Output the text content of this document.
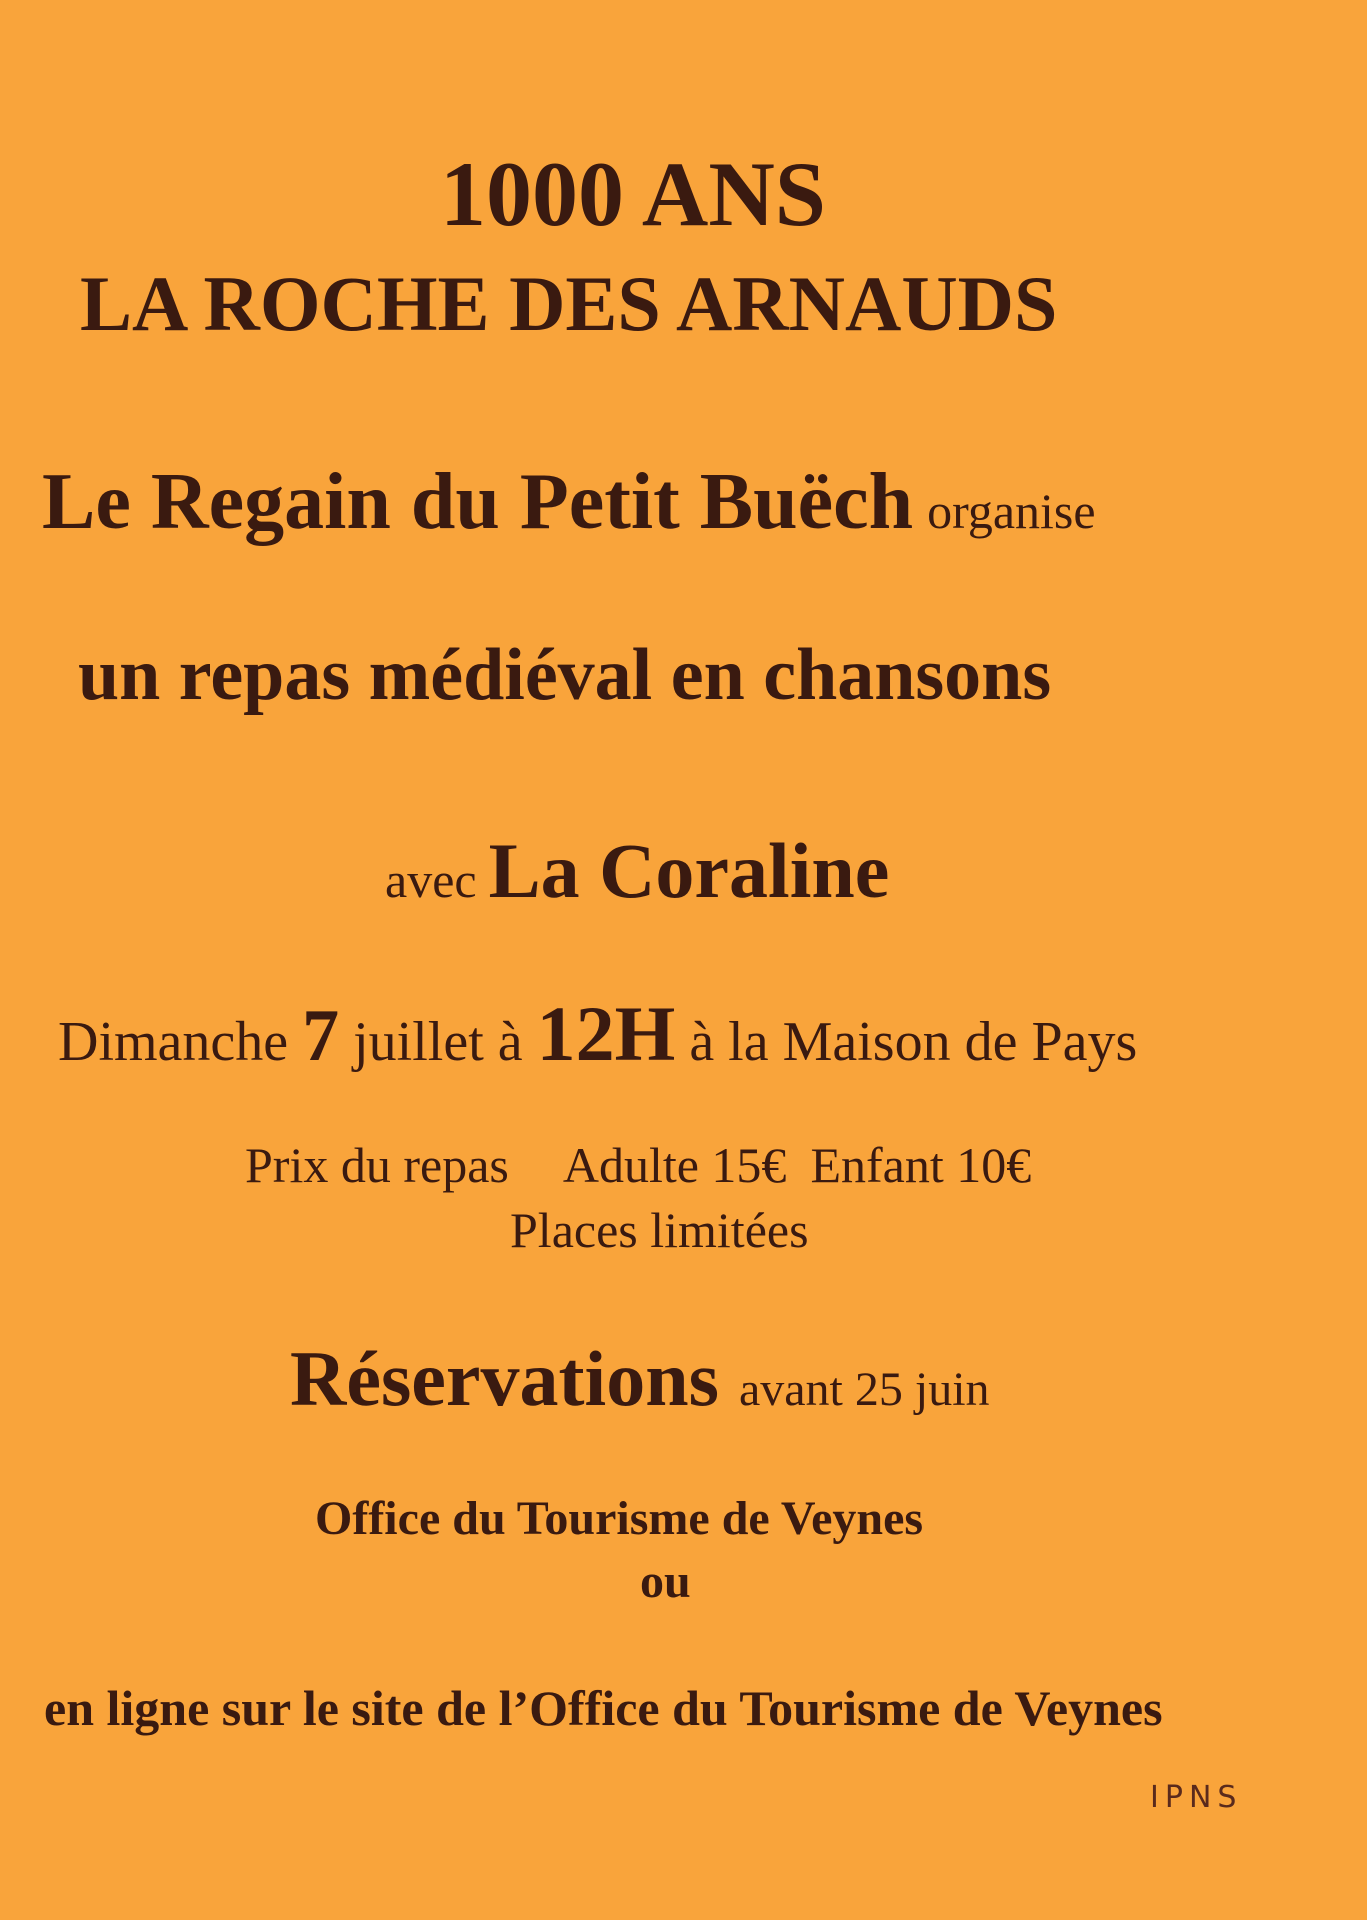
1000 ANS
LA ROCHE DES ARNAUDS
Le Regain du Petit Buëch organise
un repas médiéval en chansons
avec La Coraline
Dimanche 7 juillet à 12H à la Maison de Pays
Prix du repas Adulte 15€ Enfant 10€
Places limitées
Réservations avant 25 juin
Office du Tourisme de Veynes
ou
en ligne sur le site de l’Office du Tourisme de Veynes
IPNS
